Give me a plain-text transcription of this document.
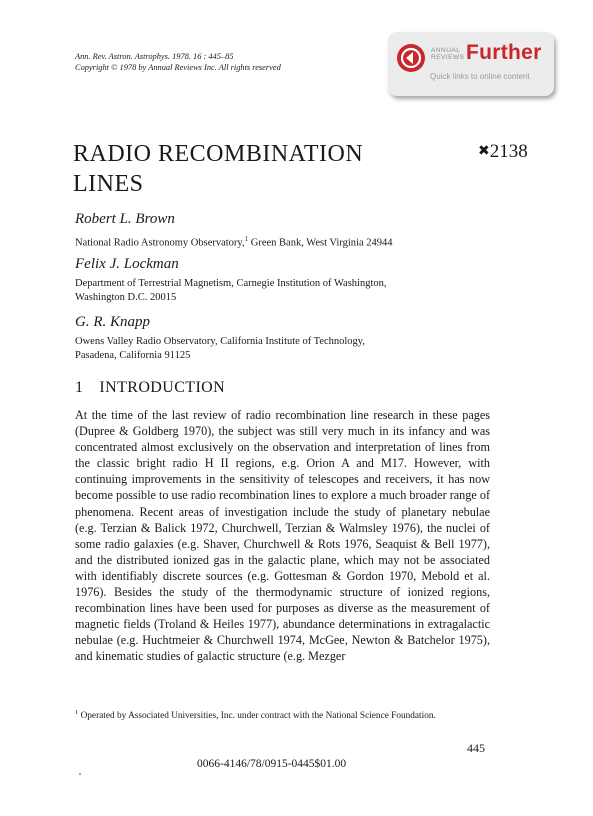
Ann. Rev. Astron. Astrophys. 1978. 16 : 445–85
Copyright © 1978 by Annual Reviews Inc. All rights reserved
ANNUAL
REVIEWS Further
Quick links to online content
RADIO RECOMBINATION
LINES
✖2138
Robert L. Brown
National Radio Astronomy Observatory,$^1$ Green Bank, West Virginia 24944
Felix J. Lockman
Department of Terrestrial Magnetism, Carnegie Institution of Washington,
Washington D.C. 20015
G. R. Knapp
Owens Valley Radio Observatory, California Institute of Technology,
Pasadena, California 91125
1 INTRODUCTION
At the time of the last review of radio recombination line research in these pages (Dupree & Goldberg 1970), the subject was still very much in its infancy and was concentrated almost exclusively on the observation and interpretation of lines from the classic bright radio H II regions, e.g. Orion A and M17. However, with continuing improvements in the sensitivity of telescopes and receivers, it has now become possible to use radio recombination lines to explore a much broader range of phenomena. Recent areas of investigation include the study of planetary nebulae (e.g. Terzian & Balick 1972, Churchwell, Terzian & Walmsley 1976), the nuclei of some radio galaxies (e.g. Shaver, Churchwell & Rots 1976, Seaquist & Bell 1977), and the distributed ionized gas in the galactic plane, which may not be associated with identifiably discrete sources (e.g. Gottesman & Gordon 1970, Mebold et al. 1976). Besides the study of the thermodynamic structure of ionized regions, recombination lines have been used for purposes as diverse as the measurement of magnetic fields (Troland & Heiles 1977), abundance determinations in extragalactic nebulae (e.g. Huchtmeier & Churchwell 1974, McGee, Newton & Batchelor 1975), and kinematic studies of galactic structure (e.g. Mezger
$^1$ Operated by Associated Universities, Inc. under contract with the National Science Foundation.
445
0066-4146/78/0915-0445$01.00
